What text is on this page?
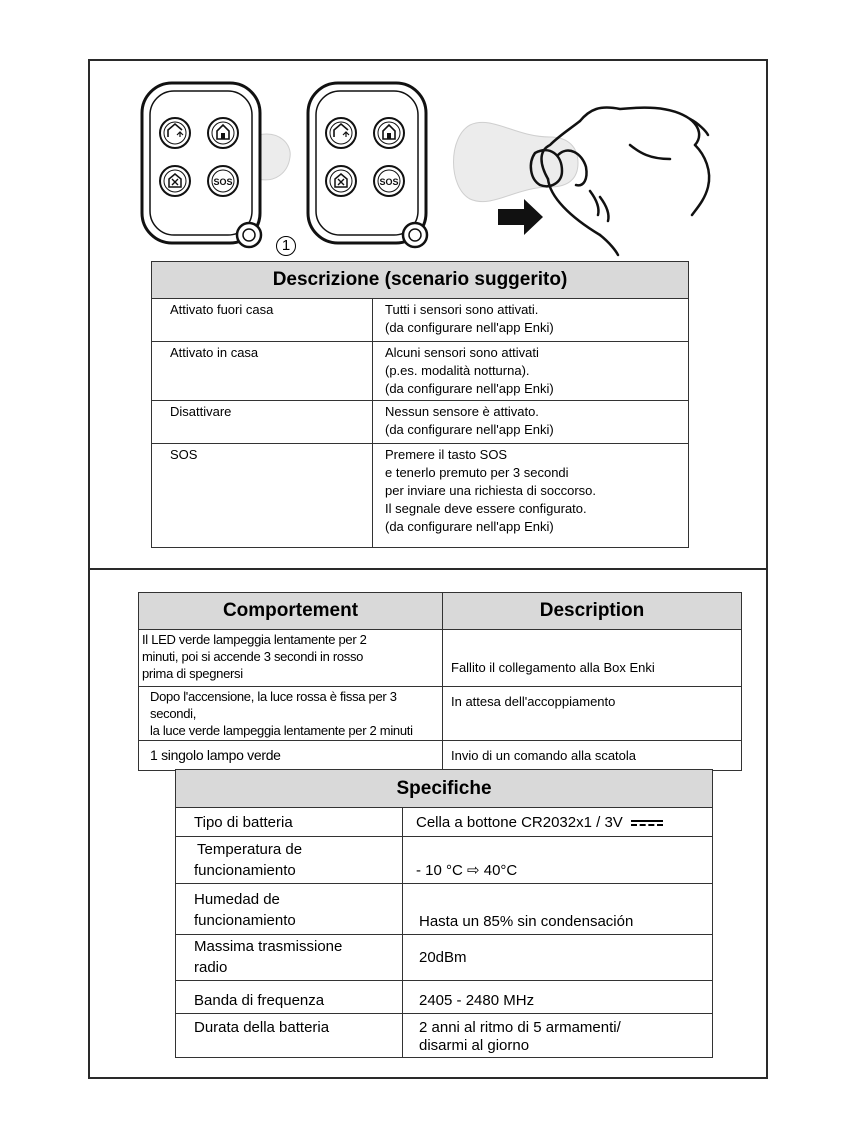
SOS	SOS
1
Descrizione (scenario suggerito)	
Attivato fuori casa	Tutti i sensori sono attivati.
(da configurare nell'app Enki)

Attivato in casa	Alcuni sensori sono attivati
(p.es. modalità notturna).
(da configurare nell'app Enki)

Disattivare	Nessun sensore è attivato.
(da configurare nell'app Enki)

SOS	Premere il tasto SOS
e tenerlo premuto per 3 secondi
per inviare una richiesta di soccorso.
Il segnale deve essere configurato.
(da configurare nell'app Enki)
Comportement	Description

Il LED verde lampeggia lentamente per 2
minuti, poi si accende 3 secondi in rosso
prima di spegnersi	Fallito il collegamento alla Box Enki

Dopo l'accensione, la luce rossa è fissa per 3 secondi,
la luce verde lampeggia lentamente per 2 minuti	In attesa dell'accoppiamento
1 singolo lampo verde	Invio di un comando alla scatola
Specifiche	
Tipo di batteria	Cella a bottone CR2032x1 / 3V

Temperatura de
funcionamiento	- 10 °C ⇨ 40°C

Humedad de
funcionamiento	Hasta un 85% sin condensación

Massima trasmissione
radio	20dBm
Banda di frequenza	2405 - 2480 MHz
Durata della batteria	2 anni al ritmo di 5 armamenti/
disarmi al giorno
